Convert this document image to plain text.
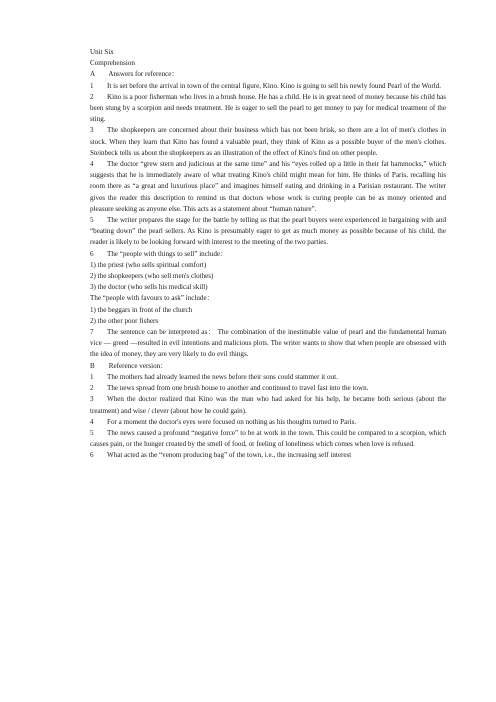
Unit Six
Comprehension
A Answers for reference：
1 It is set before the arrival in town of the central figure, Kino. Kino is going to sell his newly found Pearl of the World.
2 Kino is a poor fisherman who lives in a brush house. He has a child. He is in great need of money because his child has been stung by a scorpion and needs treatment. He is eager to sell the pearl to get money to pay for medical treatment of the sting.
3 The shopkeepers are concerned about their business which has not been brisk, so there are a lot of men's clothes in stock. When they learn that Kino has found a valuable pearl, they think of Kino as a possible buyer of the men's clothes. Steinbeck tells us about the shopkeepers as an illustration of the effect of Kino's find on other people.
4 The doctor “grew stern and judicious at the same time” and his “eyes rolled up a little in their fat hammocks,” which suggests that he is immediately aware of what treating Kino's child might mean for him. He thinks of Paris, recalling his room there as “a great and luxurious place” and imagines himself eating and drinking in a Parisian restaurant. The writer gives the reader this description to remind us that doctors whose work is curing people can be as money oriented and pleasure seeking as anyone else. This acts as a statement about “human nature”.
5 The writer prepares the stage for the battle by telling us that the pearl buyers were experienced in bargaining with and “beating down” the pearl sellers. As Kino is presumably eager to get as much money as possible because of his child, the reader is likely to be looking forward with interest to the meeting of the two parties.
6 The “people with things to sell” include：
1) the priest (who sells spiritual comfort)
2) the shopkeepers (who sell men's clothes)
3) the doctor (who sells his medical skill)
The “people with favours to ask” include：
1) the beggars in front of the church
2) the other poor fishers
7 The sentence can be interpreted as： The combination of the inestimable value of pearl and the fundamental human vice — greed —resulted in evil intentions and malicious plots. The writer wants to show that when people are obsessed with the idea of money, they are very likely to do evil things.
B Reference version：
1 The mothers had already learned the news before their sons could stammer it out.
2 The news spread from one brush house to another and continued to travel fast into the town.
3 When the doctor realized that Kino was the man who had asked for his help, he became both serious (about the treatment) and wise / clever (about how he could gain).
4 For a moment the doctor's eyes were focused on nothing as his thoughts turned to Paris.
5 The news caused a profound “negative force” to be at work in the town. This could be compared to a scorpion, which causes pain, or the hunger created by the smell of food, or feeling of loneliness which comes when love is refused.
6 What acted as the “venom producing bag” of the town, i.e., the increasing self interest
